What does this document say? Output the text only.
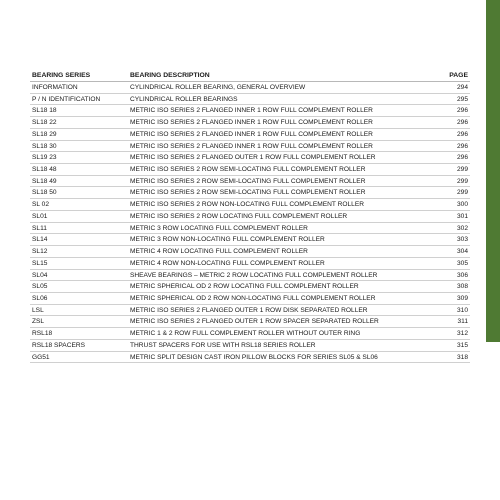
BEARING SERIES	BEARING DESCRIPTION	PAGE
INFORMATION	CYLINDRICAL ROLLER BEARING, GENERAL OVERVIEW	294
P / N IDENTIFICATION	CYLINDRICAL ROLLER BEARINGS	295
SL18 18	METRIC ISO SERIES 2 FLANGED INNER 1 ROW FULL COMPLEMENT ROLLER	296
SL18 22	METRIC ISO SERIES 2 FLANGED INNER 1 ROW FULL COMPLEMENT ROLLER	296
SL18 29	METRIC ISO SERIES 2 FLANGED INNER 1 ROW FULL COMPLEMENT ROLLER	296
SL18 30	METRIC ISO SERIES 2 FLANGED INNER 1 ROW FULL COMPLEMENT ROLLER	296
SL19 23	METRIC ISO SERIES 2 FLANGED OUTER 1 ROW FULL COMPLEMENT ROLLER	296
SL18 48	METRIC ISO SERIES 2 ROW SEMI-LOCATING FULL COMPLEMENT ROLLER	299
SL18 49	METRIC ISO SERIES 2 ROW SEMI-LOCATING FULL COMPLEMENT ROLLER	299
SL18 50	METRIC ISO SERIES 2 ROW SEMI-LOCATING FULL COMPLEMENT ROLLER	299
SL 02	METRIC ISO SERIES 2 ROW NON-LOCATING FULL COMPLEMENT ROLLER	300
SL01	METRIC ISO SERIES 2 ROW LOCATING FULL COMPLEMENT ROLLER	301
SL11	METRIC 3 ROW LOCATING FULL COMPLEMENT ROLLER	302
SL14	METRIC 3 ROW NON-LOCATING FULL COMPLEMENT ROLLER	303
SL12	METRIC 4 ROW LOCATING FULL COMPLEMENT ROLLER	304
SL15	METRIC 4 ROW NON-LOCATING FULL COMPLEMENT ROLLER	305
SL04	SHEAVE BEARINGS – METRIC 2 ROW LOCATING FULL COMPLEMENT ROLLER	306
SL05	METRIC SPHERICAL OD 2 ROW LOCATING FULL COMPLEMENT ROLLER	308
SL06	METRIC SPHERICAL OD 2 ROW NON-LOCATING FULL COMPLEMENT ROLLER	309
LSL	METRIC ISO SERIES 2 FLANGED OUTER 1 ROW DISK SEPARATED ROLLER	310
ZSL	METRIC ISO SERIES 2 FLANGED OUTER 1 ROW SPACER SEPARATED ROLLER	311
RSL18	METRIC 1 & 2 ROW FULL COMPLEMENT ROLLER WITHOUT OUTER RING	312
RSL18 SPACERS	THRUST SPACERS FOR USE WITH RSL18 SERIES ROLLER	315
GG51	METRIC SPLIT DESIGN CAST IRON PILLOW BLOCKS FOR SERIES SL05 & SL06	318
